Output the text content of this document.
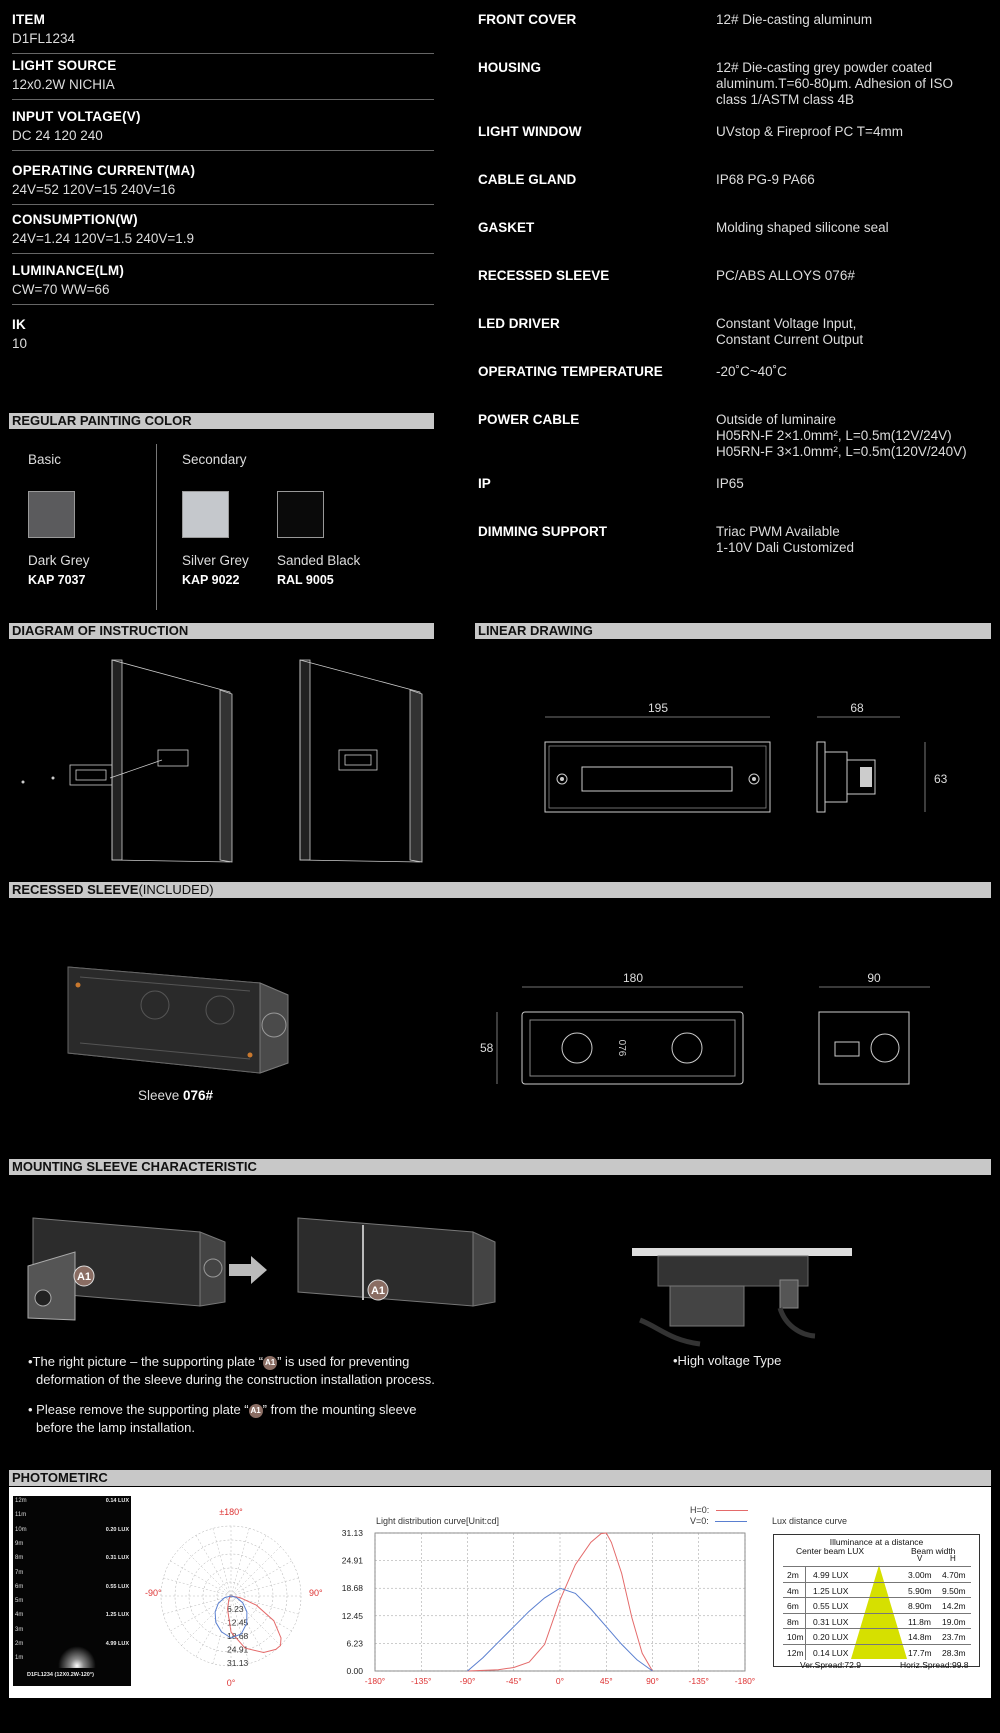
ITEM
D1FL1234
LIGHT SOURCE
12x0.2W NICHIA
INPUT VOLTAGE(V)
DC 24 120 240
OPERATING CURRENT(MA)
24V=52 120V=15 240V=16
CONSUMPTION(W)
24V=1.24 120V=1.5 240V=1.9
LUMINANCE(LM)
CW=70 WW=66
IK
10
FRONT COVER	12# Die-casting aluminum
HOUSING	12# Die-casting grey powder coated
aluminum.T=60-80μm. Adhesion of ISO
class 1/ASTM class 4B
LIGHT WINDOW	UVstop & Fireproof PC T=4mm
CABLE GLAND	IP68 PG-9 PA66
GASKET	Molding shaped silicone seal
RECESSED SLEEVE	PC/ABS ALLOYS 076#
LED DRIVER	Constant Voltage Input,
Constant Current Output
OPERATING TEMPERATURE	-20˚C~40˚C
POWER CABLE	Outside of luminaire
H05RN-F 2×1.0mm², L=0.5m(12V/24V)
H05RN-F 3×1.0mm², L=0.5m(120V/240V)
IP	IP65
DIMMING SUPPORT	Triac PWM Available
1-10V Dali Customized
REGULAR PAINTING COLOR
Basic	Secondary
Dark Grey
KAP 7037
Silver Grey
KAP 9022
Sanded Black
RAL 9005
DIAGRAM OF INSTRUCTION	LINEAR DRAWING
195	68
63
RECESSED SLEEVE(INCLUDED)
Sleeve 076#
180
58	076
90
MOUNTING SLEEVE CHARACTERISTIC
A1
A1
•The right picture – the supporting plate “ A1 ” is used for preventing
deformation of the sleeve during the construction installation process.
• Please remove the supporting plate “ A1 ” from the mounting sleeve
before the lamp installation.
•High voltage Type
PHOTOMETIRC
12m
11m
10m
9m
8m
7m
6m
5m
4m
3m
2m
1m
0.14 LUX
0.20 LUX
0.31 LUX
0.55 LUX
1.25 LUX
4.99 LUX
D1FL1234 (12X0.2W-120°)
±180°
-90°	90°
0°
6.23
12.45
18.68
24.91
31.13
Light distribution curve[Unit:cd]
H=0:
V=0:
-180°	-135°	-90°	-45°	0°	45°	90°	-135°	-180°
31.13
24.91
18.68
12.45
6.23
0.00
Lux distance curve
Illuminance at a distance
Center beam LUX	Beam width
V	H
2m 4.99 LUX	3.00m 4.70m
4m 1.25 LUX	5.90m 9.50m
6m 0.55 LUX	8.90m 14.2m
8m 0.31 LUX	11.8m 19.0m
10m 0.20 LUX	14.8m 23.7m
12m 0.14 LUX	17.7m 28.3m
Ver.Spread:72.9	Horiz.Spread:99.8
